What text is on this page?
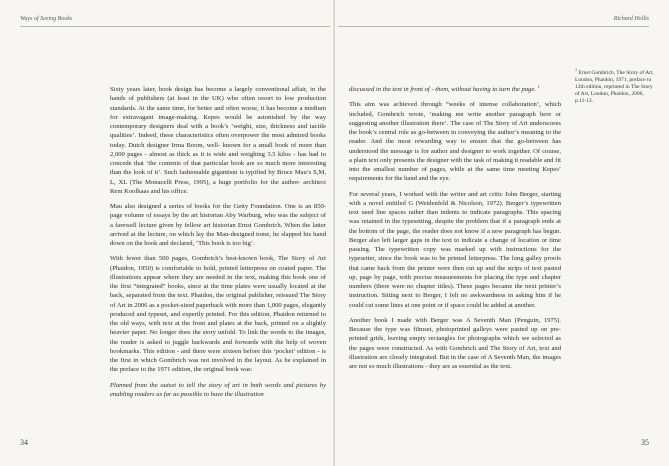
Ways of Seeing Books

Sixty years later, book design has become a largely conventional affair, in the hands of publishers (at least in the UK) who often resort to low production standards. At the same time, for better and often worse, it has become a medium for extravagant image-making. Kepes would be astonished by the way contemporary designers deal with a book’s ‘weight, size, thickness and tactile qualities’. Indeed, these characteristics often overpower the most admired books today. Dutch designer Irma Boom, well- known for a small book of more than 2,000 pages - almost as thick as it is wide and weighing 3.5 kilos - has had to concede that ‘the contents of that particular book are so much more interesting than the look of it’. Such fashionable gigantism is typified by Bruce Mau’s S,M, L, XL (The Monacelli Press, 1995), a huge portfolio for the author- architect Rem Koolhaas and his office.

Mau also designed a series of books for the Getty Foundation. One is an 850-page volume of essays by the art historian Aby Warburg, who was the subject of a farewell lecture given by fellow art historian Ernst Gombrich. When the latter arrived at the lecture, on which lay the Mau-designed tome, he slapped his hand down on the book and declared, ‘This book is too big’.

With fewer than 500 pages, Gombrich’s best-known book, The Story of Art (Phaidon, 1950) is comfortable to hold, printed letterpress on coated paper. The illustrations appear where they are needed in the text, making this book one of the first “integrated” books, since at the time plates were usually located at the back, separated from the text. Phaidon, the original publisher, reissued The Story of Art in 2006 as a pocket-sized paperback with more than 1,000 pages, elegantly produced and typeset, and expertly printed. For this edition, Phaidon returned to the old ways, with text at the front and plates at the back, printed on a slightly heavier paper. No longer does the story unfold. To link the words to the images, the reader is asked to juggle backwards and forwards with the help of woven bookmarks. This edition - and there were sixteen before this ‘pocket’ edition - is the first in which Gombrich was not involved in the layout. As he explained in the preface to the 1971 edition, the original book was:

Planned from the outset to tell the story of art in both words and pictures by enabling readers as far as possible to have the illustration

34
Richard Hollis

discussed in the text in front of - them, without having to turn the page. $^1$

This aim was achieved through “weeks of intense collaboration’, which included, Gombrich wrote, ‘making me write another paragraph here or suggesting another illustration there’. The case of The Story of Art underscores the book’s central role as go-between in conveying the author’s meaning to the reader. And the most rewarding way to ensure that the go-between has understood the message is for author and designer to work together. Of course, a plain text only presents the designer with the task of making it readable and fit into the smallest number of pages, while at the same time meeting Kepes’ requirements for the hand and the eye.

For several years, I worked with the writer and art critic John Berger, starting with a novel entitled G (Weidenfeld & Nicolson, 1972). Berger’s typewritten text used line spaces rather than indents to indicate paragraphs. This spacing was retained in the typesetting, despite the problem that if a paragraph ends at the bottom of the page, the reader does not know if a new paragraph has begun. Berger also left larger gaps in the text to indicate a change of location or time passing. The typewritten copy was marked up with instructions for the typesetter, since the book was to be printed letterpress. The long galley proofs that came back from the printer were then cut up and the strips of text pasted up, page by page, with precise measurements for placing the type and chapter numbers (there were no chapter titles). These pages became the next printer’s instruction. Sitting next to Berger, I felt no awkwardness in asking him if he could cut some lines at one point or if space could be added at another.

Another book I made with Berger was A Seventh Man (Penguin, 1975). Because the type was filmset, photoprinted galleys were pasted up on pre-printed grids, leaving empty rectangles for photographs which we selected as the pages were constructed. As with Gombrich and The Story of Art, text and illustration are closely integrated. But in the case of A Seventh Man, the images are not so much illustrations - they are as essential as the text.

$^1$ Ernst Gombrich, The Story of Art, London, Phaidon, 1971, preface to 12th edition, reprinted in The Story of Art, London, Phaidon, 2006, p.11-12.
35
